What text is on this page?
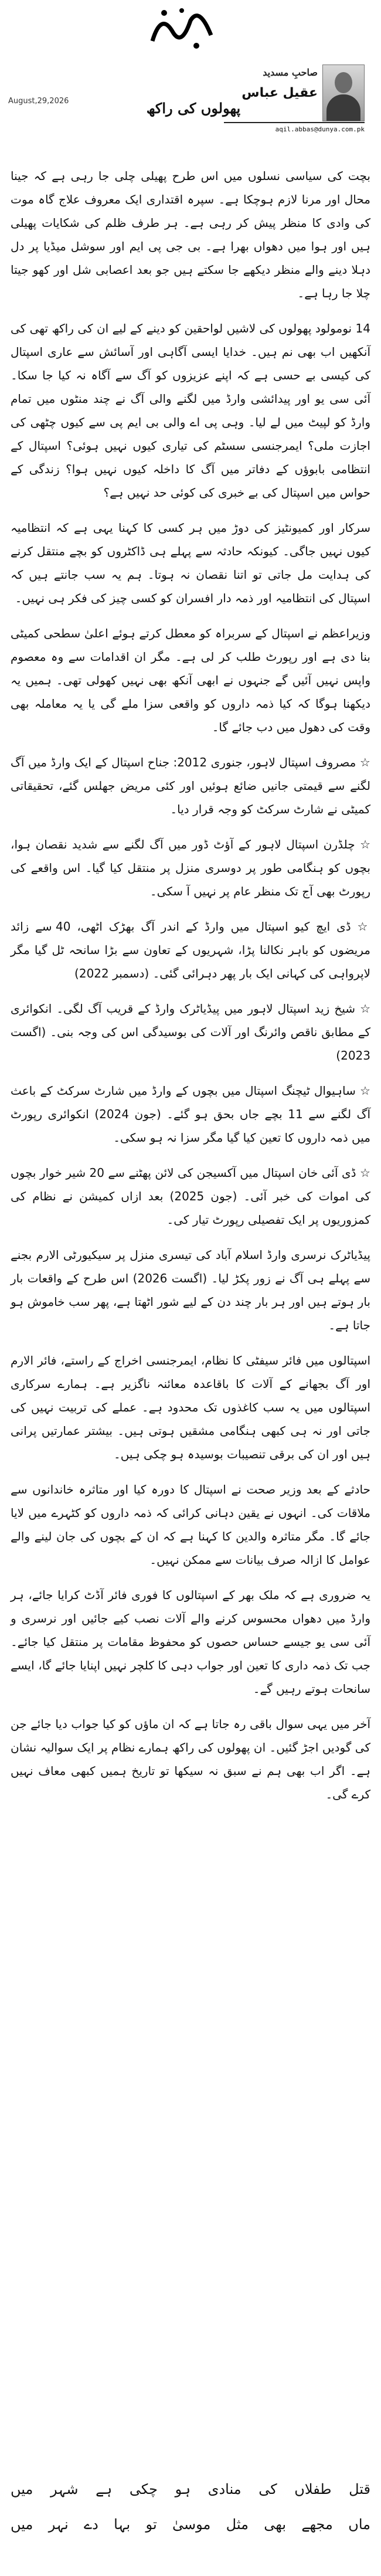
صاحبِ مسدید
عقیل عباس
aqil.abbas@dunya.com.pk
August,29,2026	پھولوں کی راکھ

بچت کی سیاسی نسلوں میں اس طرح پھیلی چلی جا رہی ہے کہ جینا محال اور مرنا لازم ہوچکا ہے۔ سپرہ اقتداری ایک معروف علاج گاہ موت کی وادی کا منظر پیش کر رہی ہے۔ ہر طرف ظلم کی شکایات پھیلی ہیں اور ہوا میں دھواں بھرا ہے۔ بی جی پی ایم اور سوشل میڈیا پر دل دہلا دینے والے منظر دیکھے جا سکتے ہیں جو بعد اعصابی شل اور کھو جیتا چلا جا رہا ہے۔

14 نومولود پھولوں کی لاشیں لواحقین کو دینے کے لیے ان کی راکھ تھی کی آنکھیں اب بھی نم ہیں۔ خدایا ایسی آگاہی اور آسائش سے عاری اسپتال کی کیسی بے حسی ہے کہ اپنے عزیزوں کو آگ سے آگاہ نہ کیا جا سکا۔ آئی سی یو اور پیدائشی وارڈ میں لگنے والی آگ نے چند منٹوں میں تمام وارڈ کو لپیٹ میں لے لیا۔ وہی پی اے والی بی ایم پی سے کیوں چٹھی کی اجازت ملی؟ ایمرجنسی سسٹم کی تیاری کیوں نہیں ہوئی؟ اسپتال کے انتظامی بابوؤں کے دفاتر میں آگ کا داخلہ کیوں نہیں ہوا؟ زندگی کے حواس میں اسپتال کی بے خبری کی کوئی حد نہیں ہے؟

سرکار اور کمیونٹیز کی دوڑ میں ہر کسی کا کہنا یہی ہے کہ انتظامیہ کیوں نہیں جاگی۔ کیونکہ حادثہ سے پہلے ہی ڈاکٹروں کو بچے منتقل کرنے کی ہدایت مل جاتی تو اتنا نقصان نہ ہوتا۔ ہم یہ سب جانتے ہیں کہ اسپتال کی انتظامیہ اور ذمہ دار افسران کو کسی چیز کی فکر ہی نہیں۔

وزیراعظم نے اسپتال کے سربراہ کو معطل کرتے ہوئے اعلیٰ سطحی کمیٹی بنا دی ہے اور رپورٹ طلب کر لی ہے۔ مگر ان اقدامات سے وہ معصوم واپس نہیں آئیں گے جنہوں نے ابھی آنکھ بھی نہیں کھولی تھی۔ ہمیں یہ دیکھنا ہوگا کہ کیا ذمہ داروں کو واقعی سزا ملے گی یا یہ معاملہ بھی وقت کی دھول میں دب جائے گا۔

☆ مصروف اسپتال لاہور، جنوری 2012: جناح اسپتال کے ایک وارڈ میں آگ لگنے سے قیمتی جانیں ضائع ہوئیں اور کئی مریض جھلس گئے، تحقیقاتی کمیٹی نے شارٹ سرکٹ کو وجہ قرار دیا۔

☆ چلڈرن اسپتال لاہور کے آؤٹ ڈور میں آگ لگنے سے شدید نقصان ہوا، بچوں کو ہنگامی طور پر دوسری منزل پر منتقل کیا گیا۔ اس واقعے کی رپورٹ بھی آج تک منظر عام پر نہیں آ سکی۔

☆ ڈی ایچ کیو اسپتال میں وارڈ کے اندر آگ بھڑک اٹھی، 40 سے زائد مریضوں کو باہر نکالنا پڑا، شہریوں کے تعاون سے بڑا سانحہ ٹل گیا مگر لاپرواہی کی کہانی ایک بار پھر دہرائی گئی۔ (دسمبر 2022)

☆ شیخ زید اسپتال لاہور میں پیڈیاٹرک وارڈ کے قریب آگ لگی۔ انکوائری کے مطابق ناقص وائرنگ اور آلات کی بوسیدگی اس کی وجہ بنی۔ (اگست 2023)

☆ ساہیوال ٹیچنگ اسپتال میں بچوں کے وارڈ میں شارٹ سرکٹ کے باعث آگ لگنے سے 11 بچے جاں بحق ہو گئے۔ (جون 2024) انکوائری رپورٹ میں ذمہ داروں کا تعین کیا گیا مگر سزا نہ ہو سکی۔

☆ ڈی آئی خان اسپتال میں آکسیجن کی لائن پھٹنے سے 20 شیر خوار بچوں کی اموات کی خبر آئی۔ (جون 2025) بعد ازاں کمیشن نے نظام کی کمزوریوں پر ایک تفصیلی رپورٹ تیار کی۔

پیڈیاٹرک نرسری وارڈ اسلام آباد کی تیسری منزل پر سیکیورٹی الارم بجنے سے پہلے ہی آگ نے زور پکڑ لیا۔ (اگست 2026) اس طرح کے واقعات بار بار ہوتے ہیں اور ہر بار چند دن کے لیے شور اٹھتا ہے، پھر سب خاموش ہو جاتا ہے۔

اسپتالوں میں فائر سیفٹی کا نظام، ایمرجنسی اخراج کے راستے، فائر الارم اور آگ بجھانے کے آلات کا باقاعدہ معائنہ ناگزیر ہے۔ ہمارے سرکاری اسپتالوں میں یہ سب کاغذوں تک محدود ہے۔ عملے کی تربیت نہیں کی جاتی اور نہ ہی کبھی ہنگامی مشقیں ہوتی ہیں۔ بیشتر عمارتیں پرانی ہیں اور ان کی برقی تنصیبات بوسیدہ ہو چکی ہیں۔

حادثے کے بعد وزیر صحت نے اسپتال کا دورہ کیا اور متاثرہ خاندانوں سے ملاقات کی۔ انہوں نے یقین دہانی کرائی کہ ذمہ داروں کو کٹہرے میں لایا جائے گا۔ مگر متاثرہ والدین کا کہنا ہے کہ ان کے بچوں کی جان لینے والے عوامل کا ازالہ صرف بیانات سے ممکن نہیں۔

یہ ضروری ہے کہ ملک بھر کے اسپتالوں کا فوری فائر آڈٹ کرایا جائے، ہر وارڈ میں دھواں محسوس کرنے والے آلات نصب کیے جائیں اور نرسری و آئی سی یو جیسے حساس حصوں کو محفوظ مقامات پر منتقل کیا جائے۔ جب تک ذمہ داری کا تعین اور جواب دہی کا کلچر نہیں اپنایا جائے گا، ایسے سانحات ہوتے رہیں گے۔

آخر میں یہی سوال باقی رہ جاتا ہے کہ ان ماؤں کو کیا جواب دیا جائے جن کی گودیں اجڑ گئیں۔ ان پھولوں کی راکھ ہمارے نظام پر ایک سوالیہ نشان ہے۔ اگر اب بھی ہم نے سبق نہ سیکھا تو تاریخ ہمیں کبھی معاف نہیں کرے گی۔

قتل طفلاں کی منادی ہو چکی ہے شہر میں
ماں مجھے بھی مثل موسیٰ تو بہا دے نہر میں
